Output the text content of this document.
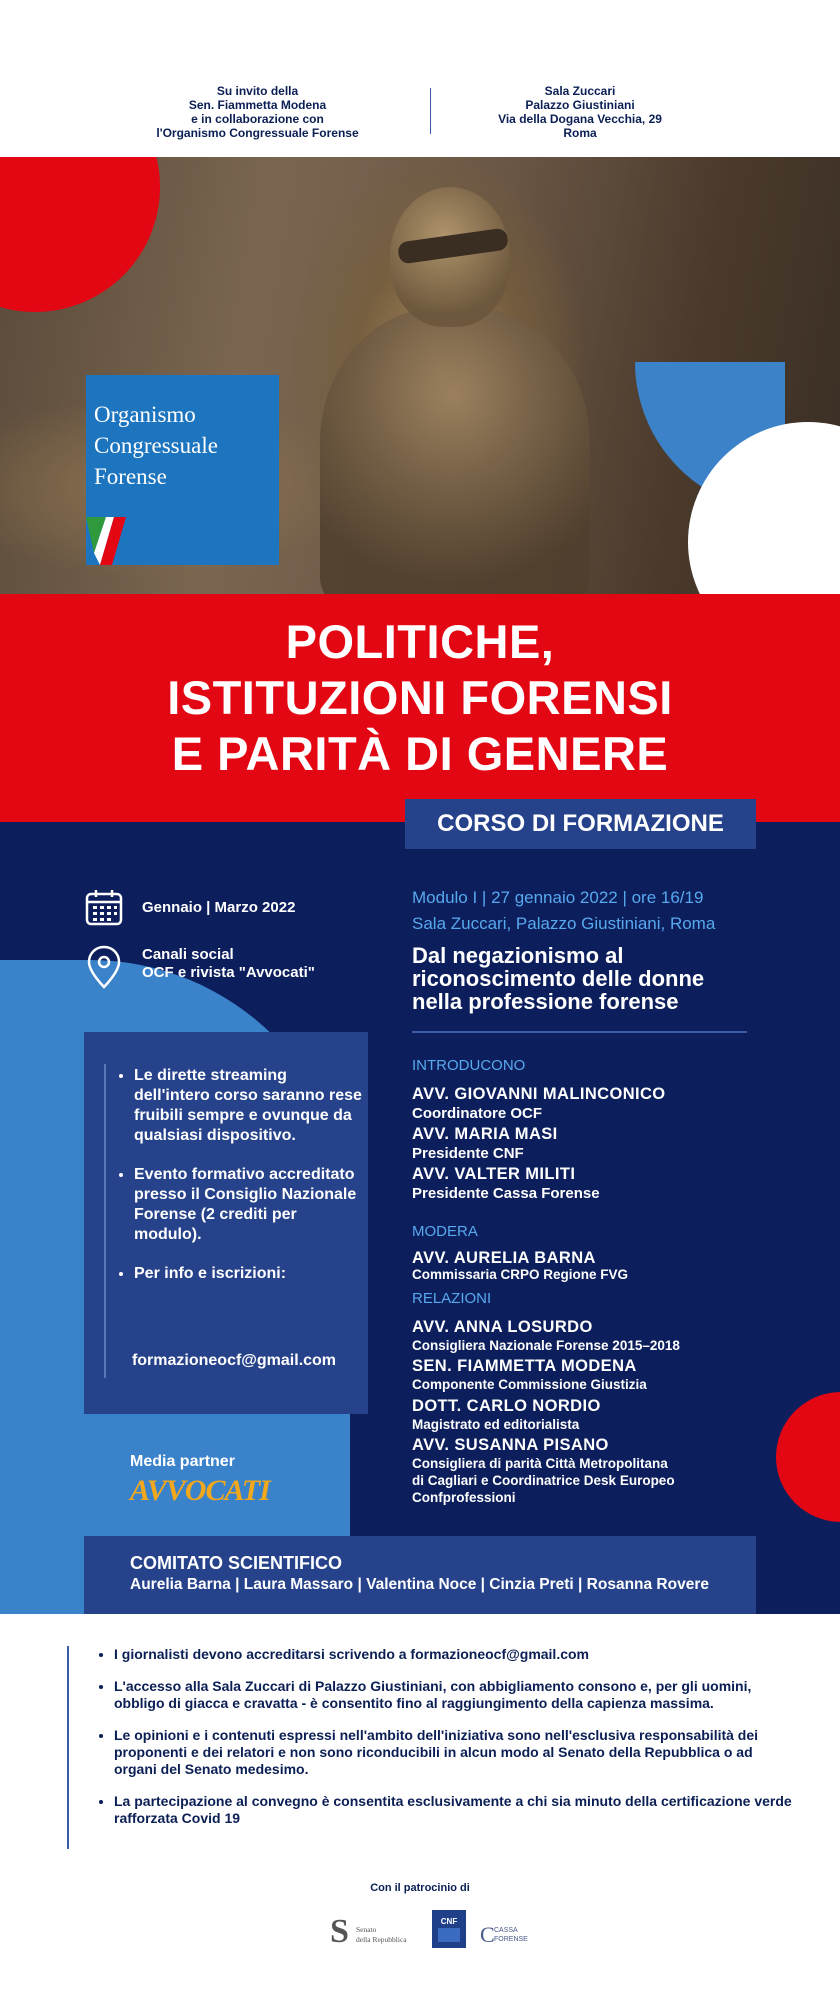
Su invito della
Sen. Fiammetta Modena
e in collaborazione con
l'Organismo Congressuale Forense
Sala Zuccari
Palazzo Giustiniani
Via della Dogana Vecchia, 29
Roma
Organismo
Congressuale
Forense
POLITICHE,
ISTITUZIONI FORENSI
E PARITÀ DI GENERE
CORSO DI FORMAZIONE
Gennaio | Marzo 2022
Canali social
OCF e rivista "Avvocati"
• Le dirette streaming dell'intero corso saranno rese fruibili sempre e ovunque da qualsiasi dispositivo.
• Evento formativo accreditato presso il Consiglio Nazionale Forense (2 crediti per modulo).
• Per info e iscrizioni:
formazioneocf@gmail.com
Media partner
AVVOCATI
Modulo I | 27 gennaio 2022 | ore 16/19
Sala Zuccari, Palazzo Giustiniani, Roma
Dal negazionismo al
riconoscimento delle donne
nella professione forense
INTRODUCONO
AVV. GIOVANNI MALINCONICO
Coordinatore OCF
AVV. MARIA MASI
Presidente CNF
AVV. VALTER MILITI
Presidente Cassa Forense
MODERA
AVV. AURELIA BARNA
Commissaria CRPO Regione FVG
RELAZIONI
AVV. ANNA LOSURDO
Consigliera Nazionale Forense 2015–2018
SEN. FIAMMETTA MODENA
Componente Commissione Giustizia
DOTT. CARLO NORDIO
Magistrato ed editorialista
AVV. SUSANNA PISANO
Consigliera di parità Città Metropolitana
di Cagliari e Coordinatrice Desk Europeo
Confprofessioni
COMITATO SCIENTIFICO
Aurelia Barna | Laura Massaro | Valentina Noce | Cinzia Preti | Rosanna Rovere
• I giornalisti devono accreditarsi scrivendo a formazioneocf@gmail.com
• L'accesso alla Sala Zuccari di Palazzo Giustiniani, con abbigliamento consono e, per gli uomini, obbligo di giacca e cravatta - è consentito fino al raggiungimento della capienza massima.
• Le opinioni e i contenuti espressi nell'ambito dell'iniziativa sono nell'esclusiva responsabilità dei proponenti e dei relatori e non sono riconducibili in alcun modo al Senato della Repubblica o ad organi del Senato medesimo.
• La partecipazione al convegno è consentita esclusivamente a chi sia minuto della certificazione verde rafforzata Covid 19
Con il patrocinio di
S Senato
della Repubblica
CNF
C CASSA
FORENSE
